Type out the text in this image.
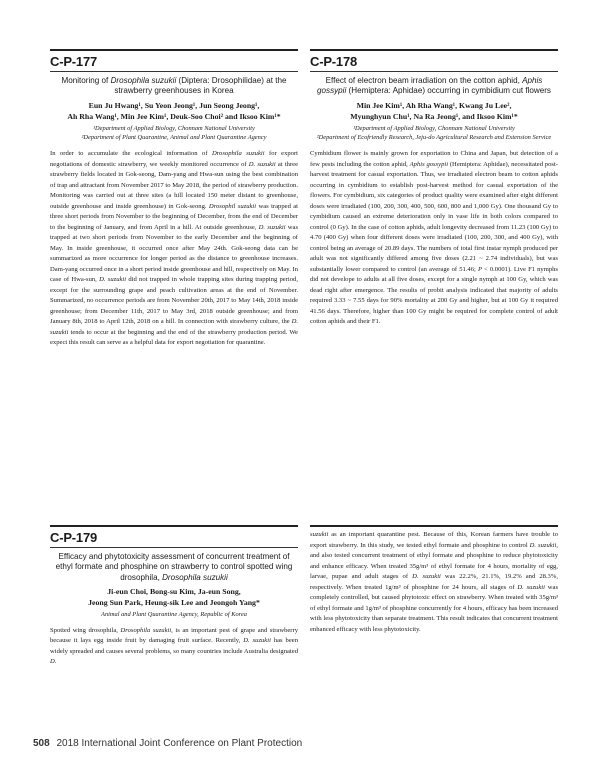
C-P-177

Monitoring of Drosophila suzukii (Diptera: Drosophilidae) at the strawberry greenhouses in Korea

Eun Ju Hwang¹, Su Yeon Jeong¹, Jun Seong Jeong¹,
Ah Rha Wang¹, Min Jee Kim¹, Deuk-Soo Choi² and Iksoo Kim¹*

¹Department of Applied Biology, Chonnam National University
²Department of Plant Quarantine, Animal and Plant Quarantine Agency

In order to accumulate the ecological information of Drosophila suzukii for export negotiations of domestic strawberry, we weekly monitored occurrence of D. suzukii at three strawberry fields located in Gok-seong, Dam-yang and Hwa-sun using the best combination of trap and attractant from November 2017 to May 2018, the period of strawberry production. Monitoring was carried out at three sites (a hill located 150 meter distant to greenhouse, outside greenhouse and inside greenhouse) in Gok-seong. Drosophil suzukii was trapped at three short periods from November to the beginning of December, from the end of December to the beginning of January, and from April in a hill. At outside greenhouse, D. suzukii was trapped at two short periods from November to the early December and the beginning of May. In inside greenhouse, it occurred once after May 24th. Gok-seong data can be summarized as more occurrence for longer period as the distance to greenhouse increases. Dam-yang occurred once in a short period inside greenhouse and hill, respectively on May. In case of Hwa-sun, D. suzukii did not trapped in whole trapping sites during trapping period, except for the surrounding grape and peach cultivation areas at the end of November. Summarized, no occurrence periods are from November 20th, 2017 to May 14th, 2018 inside greenhouse; from December 11th, 2017 to May 3rd, 2018 outside greenhouse; and from January 8th, 2018 to April 12th, 2018 on a hill. In connection with strawberry culture, the D. suzukii tends to occur at the beginning and the end of the strawberry production period. We expect this result can serve as a helpful data for export negotiation for quarantine.

C-P-178

Effect of electron beam irradiation on the cotton aphid, Aphis gossypii (Hemiptera: Aphidae) occurring in cymbidium cut flowers

Min Jee Kim¹, Ah Rha Wang¹, Kwang Ju Lee²,
Myunghyun Chu¹, Na Ra Jeong¹, and Iksoo Kim¹*

¹Department of Applied Biology, Chonnam National University
²Department of Ecofriendly Research, Jeju-do Agricultural Research and Extension Service

Cymbidium flower is mainly grown for exportation to China and Japan, but detection of a few pests including the cotton aphid, Aphis gossypii (Hemiptera: Aphidae), necessitated post-harvest treatment for casual exportation. Thus, we irradiated electron beam to cotton aphids occurring in cymbidium to establish post-harvest method for casual exportation of the flowers. For cymbidium, six categories of product quality were examined after eight different doses were irradiated (100, 200, 300, 400, 500, 600, 800 and 1,000 Gy). One thousand Gy to cymbidium caused an extreme deterioration only in vase life in both colors compared to control (0 Gy). In the case of cotton aphids, adult longevity decreased from 11.23 (100 Gy) to 4.70 (400 Gy) when four different doses were irradiated (100, 200, 300, and 400 Gy), with control being an average of 20.89 days. The numbers of total first instar nymph produced per adult was not significantly differed among five doses (2.21 ~ 2.74 individuals), but was substantially lower compared to control (an average of 51.46; P < 0.0001). Live F1 nymphs did not develope to adults at all five doses, except for a single nymph at 100 Gy, which was dead right after emergence. The results of probit analysis indicated that majority of adults required 3.33 ~ 7.55 days for 90% mortality at 200 Gy and higher, but at 100 Gy it required 41.56 days. Therefore, higher than 100 Gy might be required for complete control of adult cotton aphids and their F1.

C-P-179

Efficacy and phytotoxicity assessment of concurrent treatment of ethyl formate and phosphine on strawberry to control spotted wing drosophila, Drosophila suzukii

Ji-eun Choi, Bong-su Kim, Ja-eun Song,
Jeong Sun Park, Heung-sik Lee and Jeongoh Yang*

Animal and Plant Quarantine Agency, Republic of Korea

Spotted wing drosophila, Drosophila suzukii, is an important pest of grape and strawberry because it lays egg inside fruit by damaging fruit surface. Recently, D. suzukii has been widely spreaded and causes several problems, so many countries include Australia designated D.

suzukii as an important quarantine pest. Because of this, Korean farmers have trouble to export strawberry. In this study, we tested ethyl formate and phosphine to control D. suzukii, and also tested concurrent treatment of ethyl formate and phosphine to reduce phytotoxicity and enhance efficacy. When treated 35g/m³ of ethyl formate for 4 hours, mortality of egg, larvae, pupae and adult stages of D. suzukii was 22.2%, 21.1%, 19.2% and 28.3%, respectively. When treated 1g/m³ of phosphine for 24 hours, all stages of D. suzukii was completely controlled, but caused phytotoxic effect on strawberry. When treated with 35g/m³ of ethyl formate and 1g/m³ of phosphine concurrently for 4 hours, efficacy has been increased with less phytotoxicity than separate treatment. This result indicates that concurrent treatment enhanced efficacy with less phytotoxicity.

508 2018 International Joint Conference on Plant Protection
